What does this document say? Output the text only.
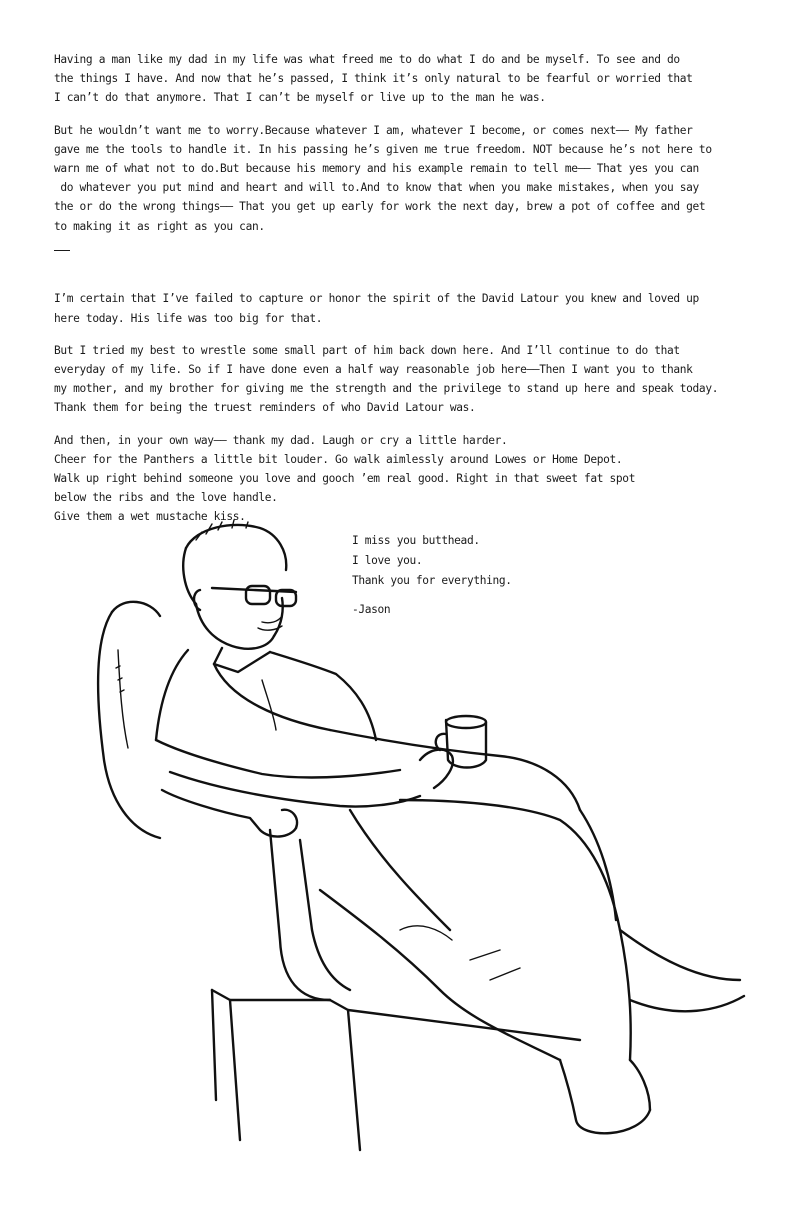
Having a man like my dad in my life was what freed me to do what I do and be myself. To see and do
the things I have. And now that he’s passed, I think it’s only natural to be fearful or worried that
I can’t do that anymore. That I can’t be myself or live up to the man he was.
But he wouldn’t want me to worry.Because whatever I am, whatever I become, or comes next—— My father
gave me the tools to handle it. In his passing he’s given me true freedom. NOT because he’s not here to
warn me of what not to do.But because his memory and his example remain to tell me—— That yes you can
do whatever you put mind and heart and will to.And to know that when you make mistakes, when you say
the or do the wrong things—— That you get up early for work the next day, brew a pot of coffee and get
to making it as right as you can.
I’m certain that I’ve failed to capture or honor the spirit of the David Latour you knew and loved up
here today. His life was too big for that.
But I tried my best to wrestle some small part of him back down here. And I’ll continue to do that
everyday of my life. So if I have done even a half way reasonable job here——Then I want you to thank
my mother, and my brother for giving me the strength and the privilege to stand up here and speak today.
Thank them for being the truest reminders of who David Latour was.
And then, in your own way—— thank my dad. Laugh or cry a little harder.
Cheer for the Panthers a little bit louder. Go walk aimlessly around Lowes or Home Depot.
Walk up right behind someone you love and gooch ’em real good. Right in that sweet fat spot
below the ribs and the love handle.
Give them a wet mustache kiss.
I miss you butthead.
I love you.
Thank you for everything.
-Jason
